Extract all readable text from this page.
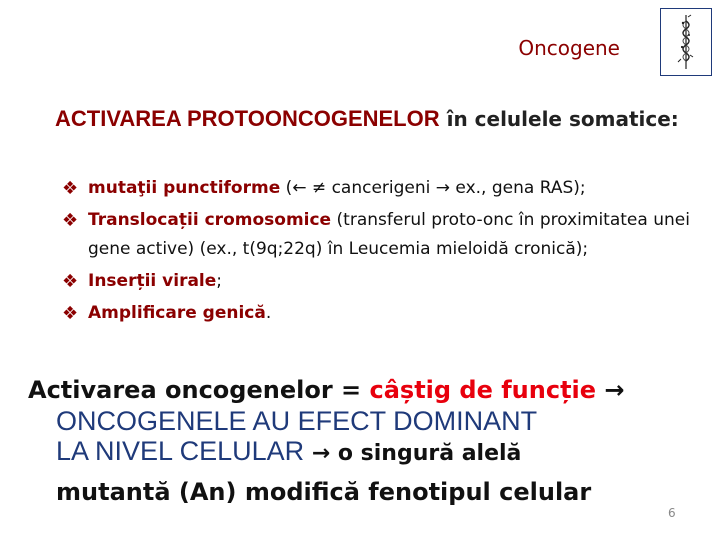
Oncogene
ACTIVAREA PROTOONCOGENELOR în celulele somatice:
❖ mutaţii punctiforme (← ≠ cancerigeni → ex., gena RAS);
❖ Translocații cromosomice (transferul proto-onc în proximitatea unei gene active) (ex., t(9q;22q) în Leucemia mieloidă cronică);
❖ Inserții virale;
❖ Amplificare genică.
Activarea oncogenelor = câștig de funcție →
ONCOGENELE AU EFECT DOMINANT
LA NIVEL CELULAR → o singură alelă
mutantă (An) modifică fenotipul celular
6
